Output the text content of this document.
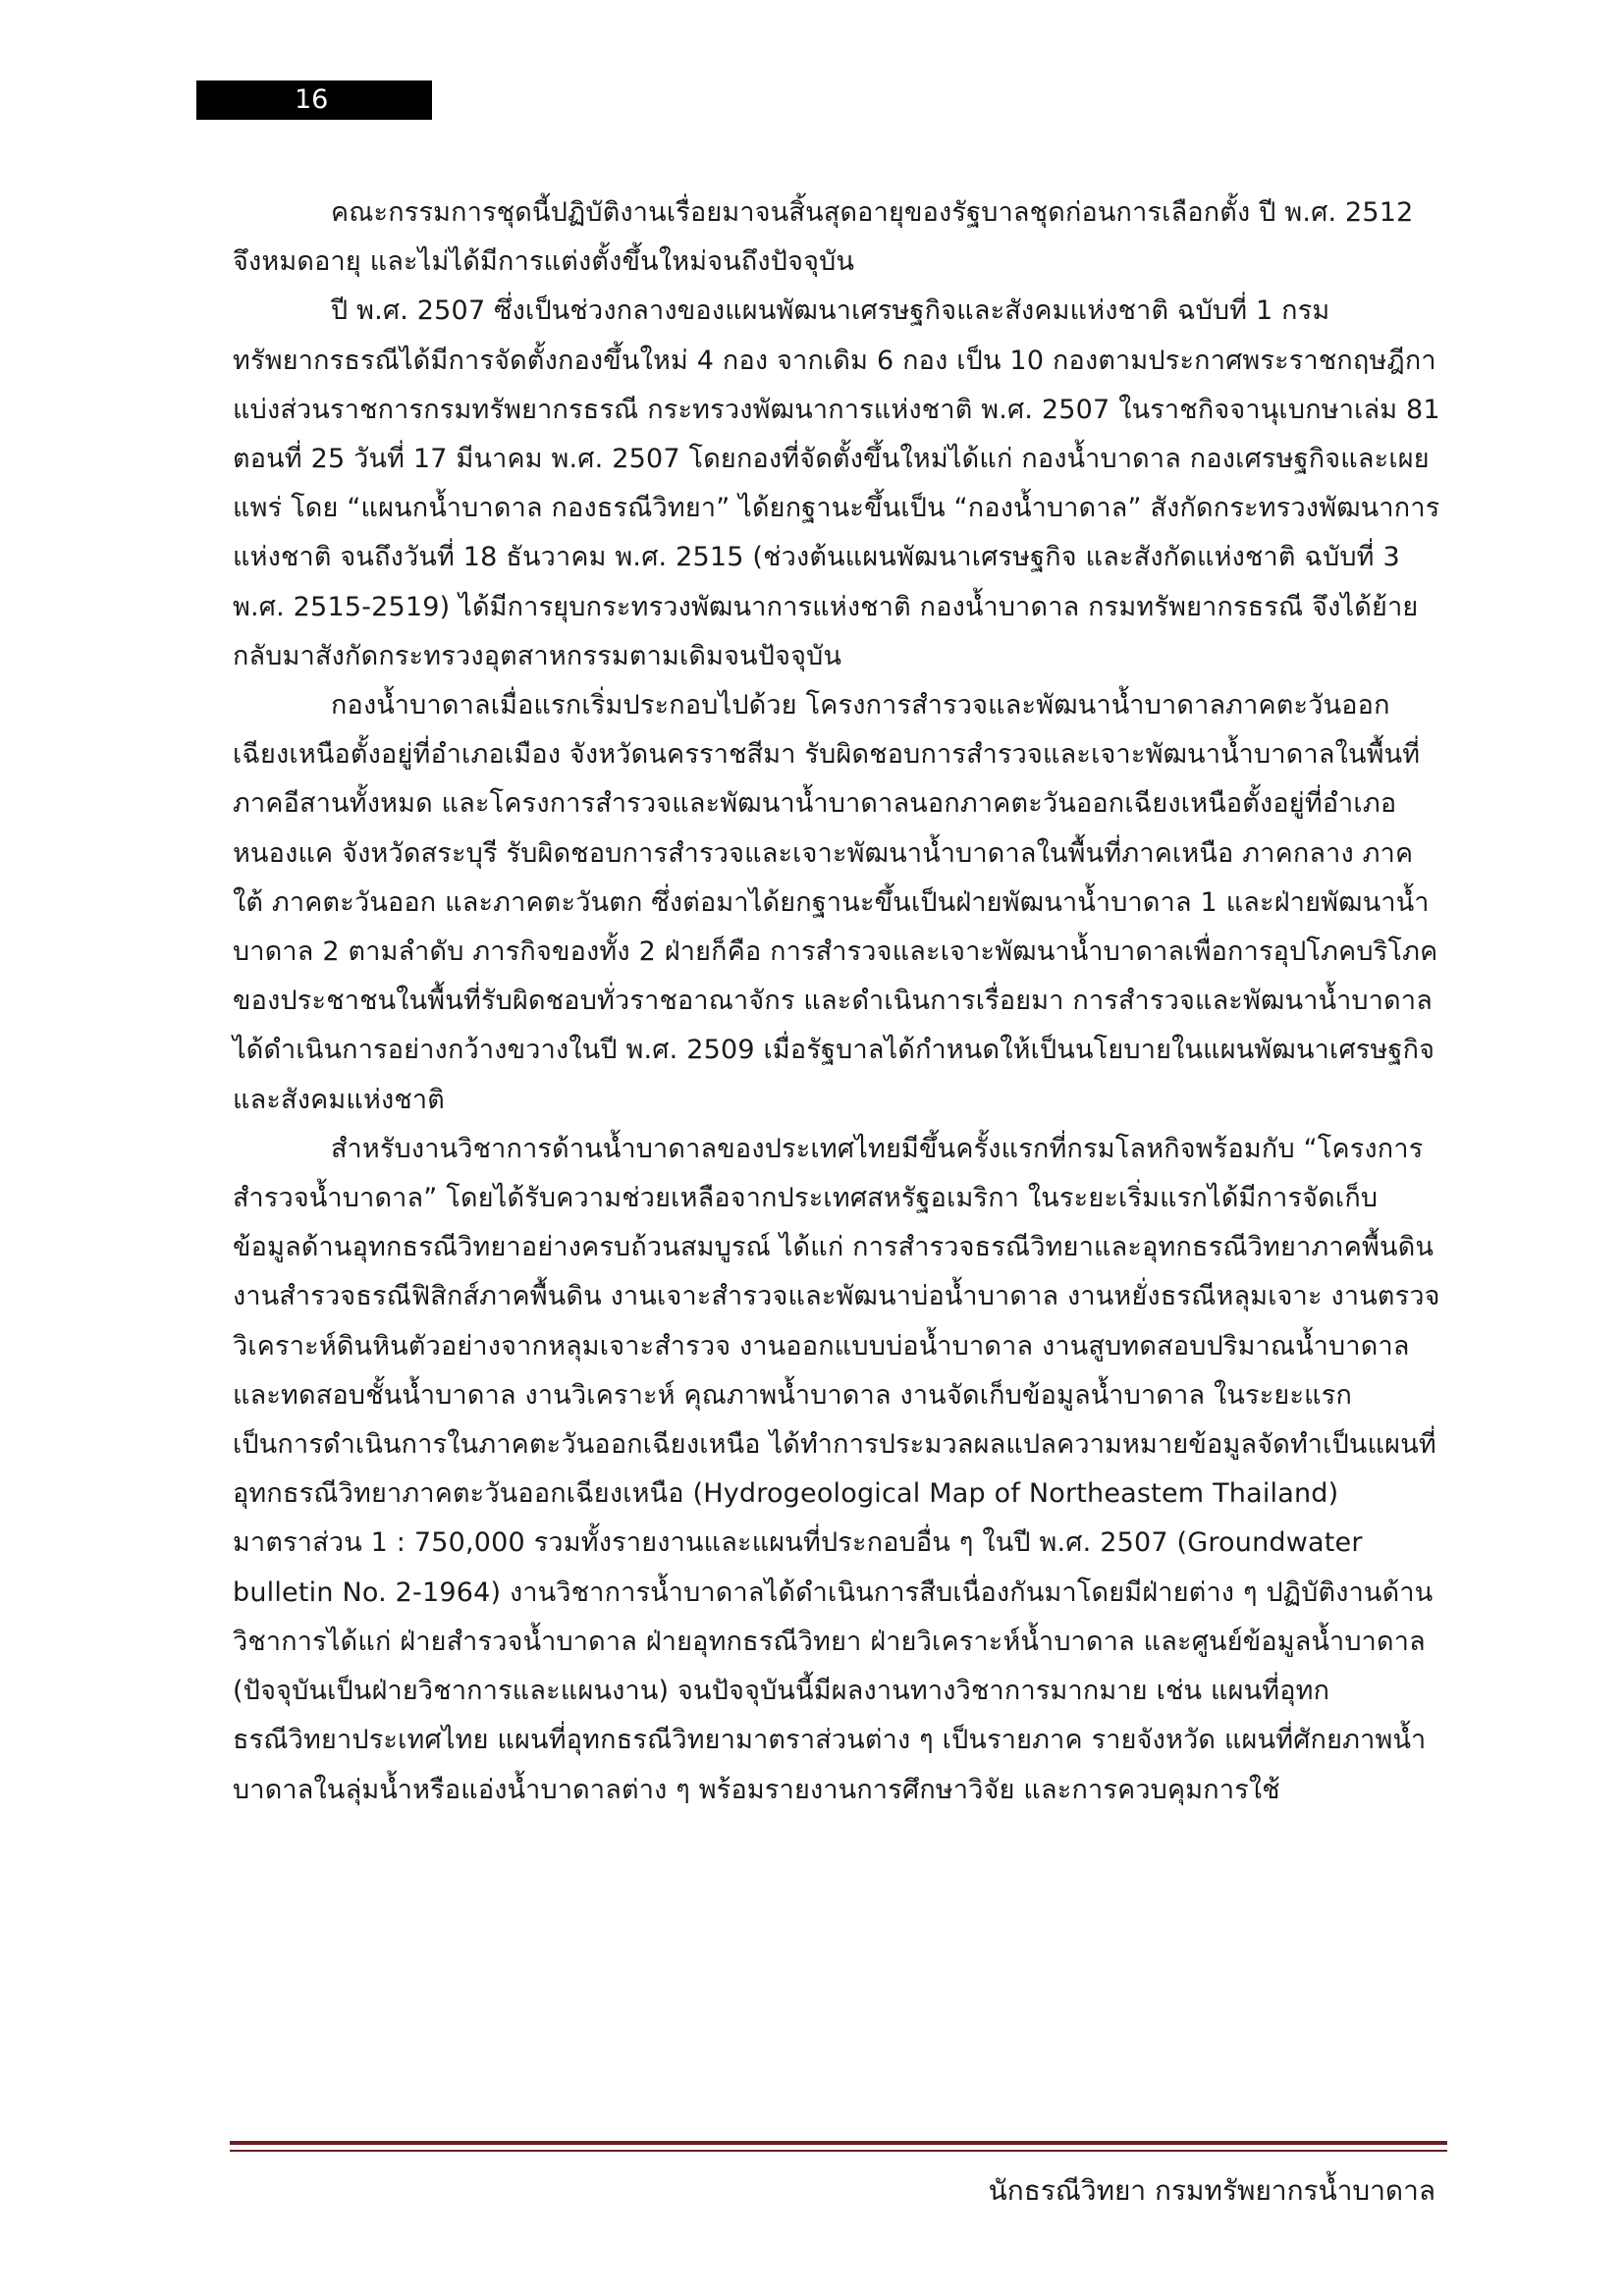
16

คณะกรรมการชุดนี้ปฏิบัติงานเรื่อยมาจนสิ้นสุดอายุของรัฐบาลชุดก่อนการเลือกตั้ง ปี พ.ศ. 2512 จึงหมดอายุ และไม่ได้มีการแต่งตั้งขึ้นใหม่จนถึงปัจจุบัน

ปี พ.ศ. 2507 ซึ่งเป็นช่วงกลางของแผนพัฒนาเศรษฐกิจและสังคมแห่งชาติ ฉบับที่ 1 กรมทรัพยากรธรณีได้มีการจัดตั้งกองขึ้นใหม่ 4 กอง จากเดิม 6 กอง เป็น 10 กองตามประกาศพระราชกฤษฎีกาแบ่งส่วนราชการกรมทรัพยากรธรณี กระทรวงพัฒนาการแห่งชาติ พ.ศ. 2507 ในราชกิจจานุเบกษาเล่ม 81 ตอนที่ 25 วันที่ 17 มีนาคม พ.ศ. 2507 โดยกองที่จัดตั้งขึ้นใหม่ได้แก่ กองน้ำบาดาล กองเศรษฐกิจและเผยแพร่ โดย “แผนกน้ำบาดาล กองธรณีวิทยา” ได้ยกฐานะขึ้นเป็น “กองน้ำบาดาล” สังกัดกระทรวงพัฒนาการแห่งชาติ จนถึงวันที่ 18 ธันวาคม พ.ศ. 2515 (ช่วงต้นแผนพัฒนาเศรษฐกิจ และสังกัดแห่งชาติ ฉบับที่ 3 พ.ศ. 2515-2519) ได้มีการยุบกระทรวงพัฒนาการแห่งชาติ กองน้ำบาดาล กรมทรัพยากรธรณี จึงได้ย้ายกลับมาสังกัดกระทรวงอุตสาหกรรมตามเดิมจนปัจจุบัน

กองน้ำบาดาลเมื่อแรกเริ่มประกอบไปด้วย โครงการสำรวจและพัฒนาน้ำบาดาลภาคตะวันออกเฉียงเหนือตั้งอยู่ที่อำเภอเมือง จังหวัดนครราชสีมา รับผิดชอบการสำรวจและเจาะพัฒนาน้ำบาดาลในพื้นที่ภาคอีสานทั้งหมด และโครงการสำรวจและพัฒนาน้ำบาดาลนอกภาคตะวันออกเฉียงเหนือตั้งอยู่ที่อำเภอหนองแค จังหวัดสระบุรี รับผิดชอบการสำรวจและเจาะพัฒนาน้ำบาดาลในพื้นที่ภาคเหนือ ภาคกลาง ภาคใต้ ภาคตะวันออก และภาคตะวันตก ซึ่งต่อมาได้ยกฐานะขึ้นเป็นฝ่ายพัฒนาน้ำบาดาล 1 และฝ่ายพัฒนาน้ำบาดาล 2 ตามลำดับ ภารกิจของทั้ง 2 ฝ่ายก็คือ การสำรวจและเจาะพัฒนาน้ำบาดาลเพื่อการอุปโภคบริโภคของประชาชนในพื้นที่รับผิดชอบทั่วราชอาณาจักร และดำเนินการเรื่อยมา การสำรวจและพัฒนาน้ำบาดาลได้ดำเนินการอย่างกว้างขวางในปี พ.ศ. 2509 เมื่อรัฐบาลได้กำหนดให้เป็นนโยบายในแผนพัฒนาเศรษฐกิจและสังคมแห่งชาติ

สำหรับงานวิชาการด้านน้ำบาดาลของประเทศไทยมีขึ้นครั้งแรกที่กรมโลหกิจพร้อมกับ “โครงการสำรวจน้ำบาดาล” โดยได้รับความช่วยเหลือจากประเทศสหรัฐอเมริกา ในระยะเริ่มแรกได้มีการจัดเก็บข้อมูลด้านอุทกธรณีวิทยาอย่างครบถ้วนสมบูรณ์ ได้แก่ การสำรวจธรณีวิทยาและอุทกธรณีวิทยาภาคพื้นดิน งานสำรวจธรณีฟิสิกส์ภาคพื้นดิน งานเจาะสำรวจและพัฒนาบ่อน้ำบาดาล งานหยั่งธรณีหลุมเจาะ งานตรวจวิเคราะห์ดินหินตัวอย่างจากหลุมเจาะสำรวจ งานออกแบบบ่อน้ำบาดาล งานสูบทดสอบปริมาณน้ำบาดาล และทดสอบชั้นน้ำบาดาล งานวิเคราะห์ คุณภาพน้ำบาดาล งานจัดเก็บข้อมูลน้ำบาดาล ในระยะแรกเป็นการดำเนินการในภาคตะวันออกเฉียงเหนือ ได้ทำการประมวลผลแปลความหมายข้อมูลจัดทำเป็นแผนที่อุทกธรณีวิทยาภาคตะวันออกเฉียงเหนือ (Hydrogeological Map of Northeastem Thailand) มาตราส่วน 1 : 750,000 รวมทั้งรายงานและแผนที่ประกอบอื่น ๆ ในปี พ.ศ. 2507 (Groundwater bulletin No. 2-1964) งานวิชาการน้ำบาดาลได้ดำเนินการสืบเนื่องกันมาโดยมีฝ่ายต่าง ๆ ปฏิบัติงานด้านวิชาการได้แก่ ฝ่ายสำรวจน้ำบาดาล ฝ่ายอุทกธรณีวิทยา ฝ่ายวิเคราะห์น้ำบาดาล และศูนย์ข้อมูลน้ำบาดาล (ปัจจุบันเป็นฝ่ายวิชาการและแผนงาน) จนปัจจุบันนี้มีผลงานทางวิชาการมากมาย เช่น แผนที่อุทกธรณีวิทยาประเทศไทย แผนที่อุทกธรณีวิทยามาตราส่วนต่าง ๆ เป็นรายภาค รายจังหวัด แผนที่ศักยภาพน้ำบาดาลในลุ่มน้ำหรือแอ่งน้ำบาดาลต่าง ๆ พร้อมรายงานการศึกษาวิจัย และการควบคุมการใช้

นักธรณีวิทยา กรมทรัพยากรน้ำบาดาล
